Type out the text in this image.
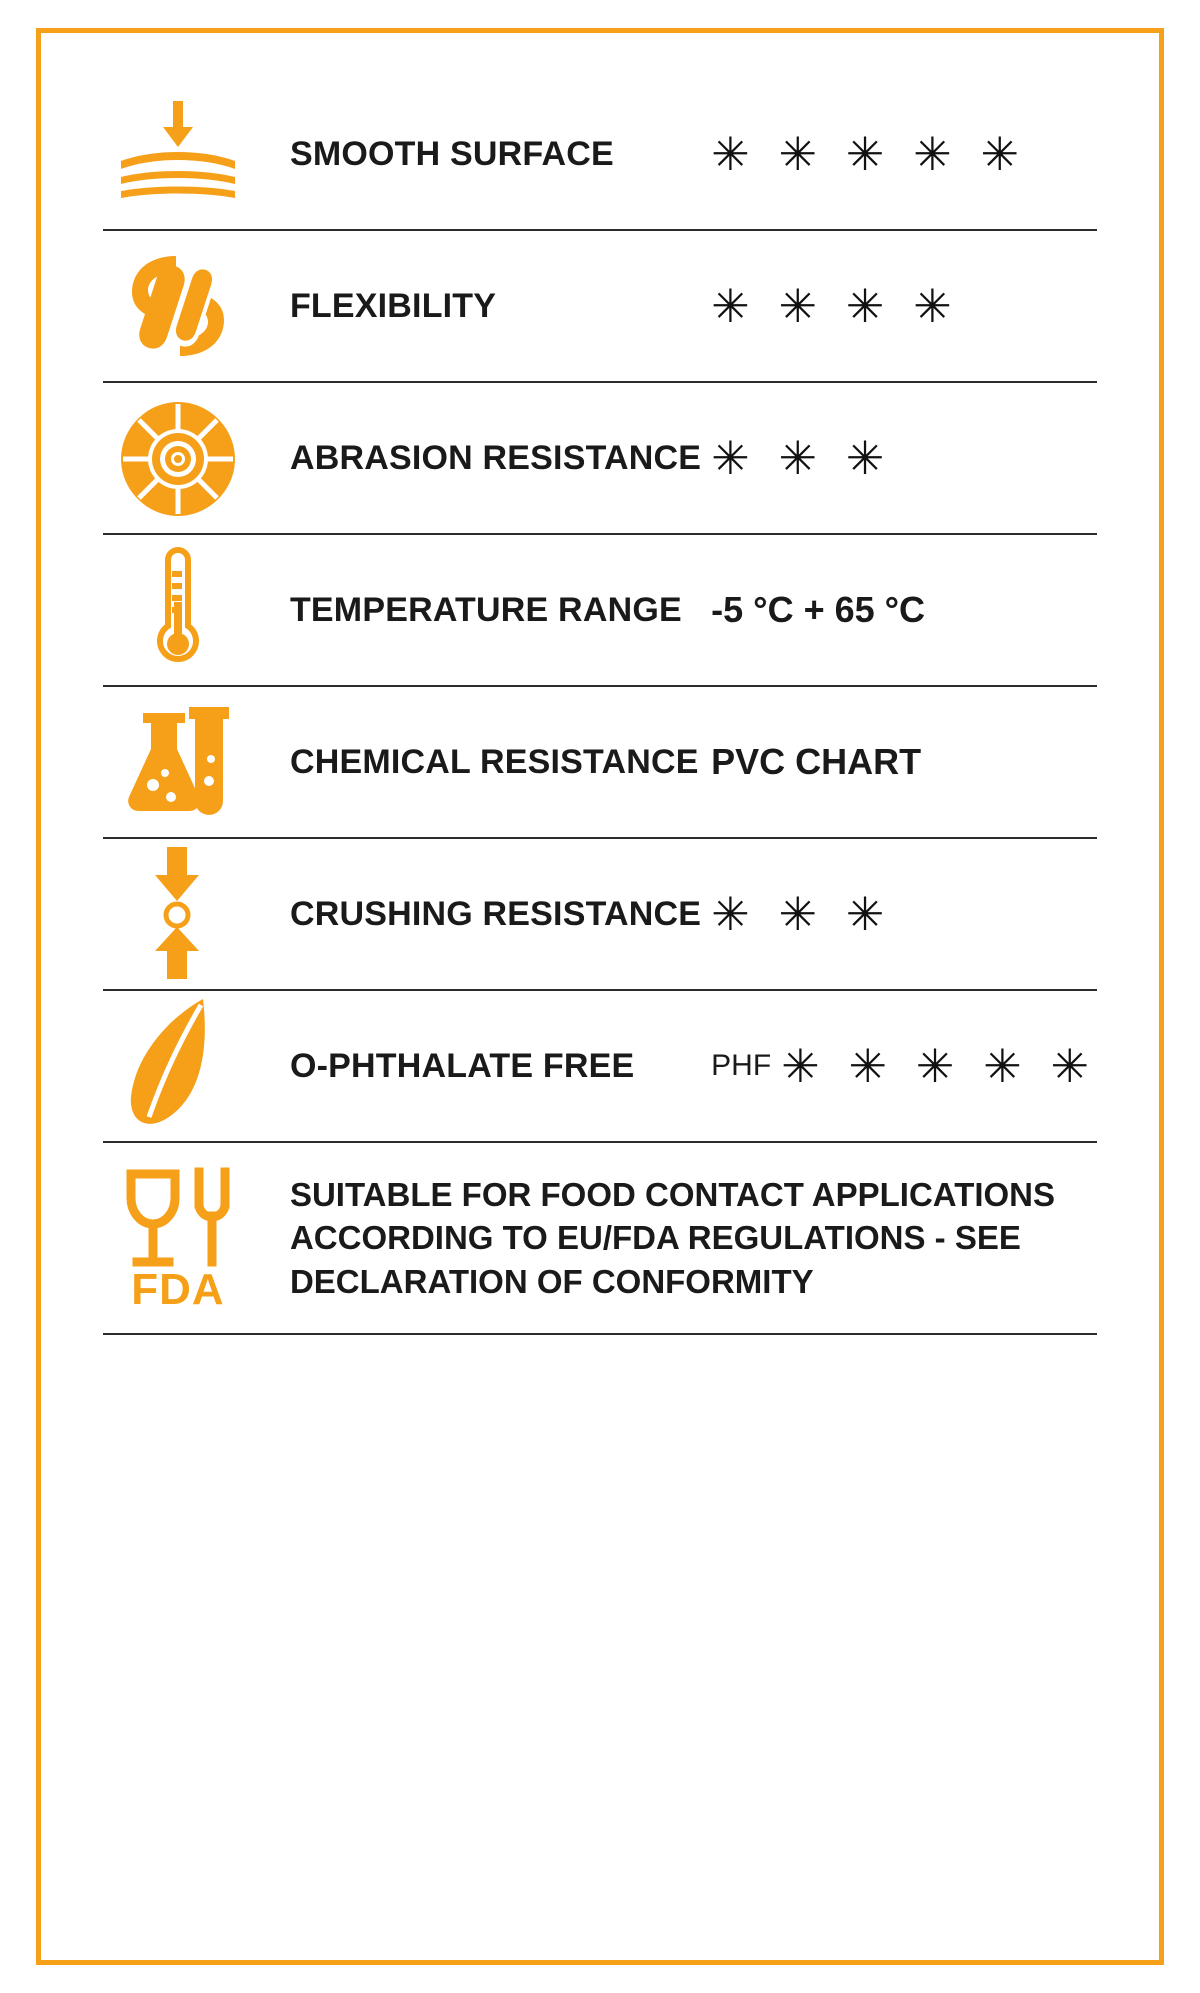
SMOOTH SURFACE	✳ ✳ ✳ ✳ ✳

FLEXIBILITY	✳ ✳ ✳ ✳

ABRASION RESISTANCE	✳ ✳ ✳

TEMPERATURE RANGE	-5 °C + 65 °C

CHEMICAL RESISTANCE	PVC CHART

CRUSHING RESISTANCE	✳ ✳ ✳

O-PHTHALATE FREE	PHF ✳ ✳ ✳ ✳ ✳

FDA	SUITABLE FOR FOOD CONTACT APPLICATIONS ACCORDING TO EU/FDA REGULATIONS - SEE DECLARATION OF CONFORMITY	
